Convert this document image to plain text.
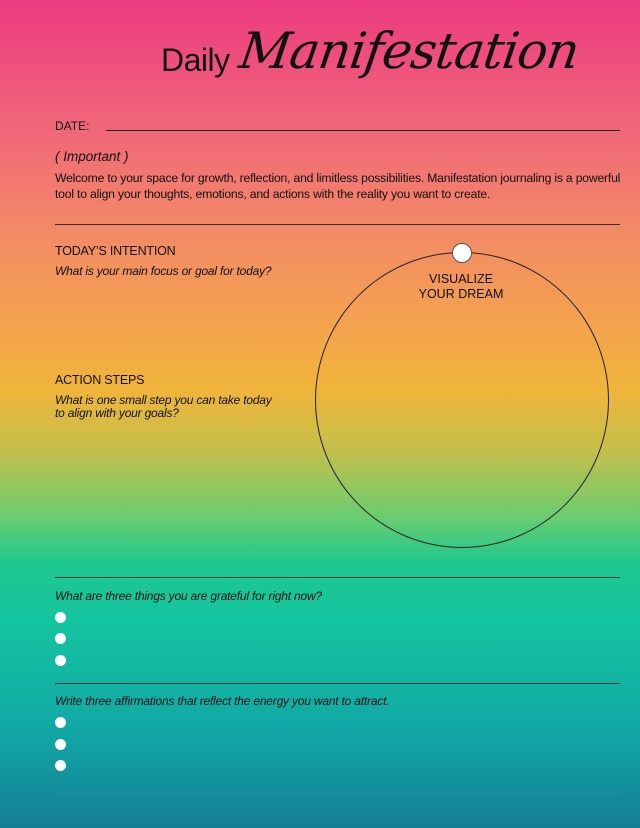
Daily Manifestation
DATE:
( Important )
Welcome to your space for growth, reflection, and limitless possibilities. Manifestation journaling is a powerful tool to align your thoughts, emotions, and actions with the reality you want to create.
TODAY’S INTENTION
What is your main focus or goal for today?
ACTION STEPS
What is one small step you can take today
to align with your goals?
VISUALIZE
YOUR DREAM
What are three things you are grateful for right now?
Write three affirmations that reflect the energy you want to attract.
